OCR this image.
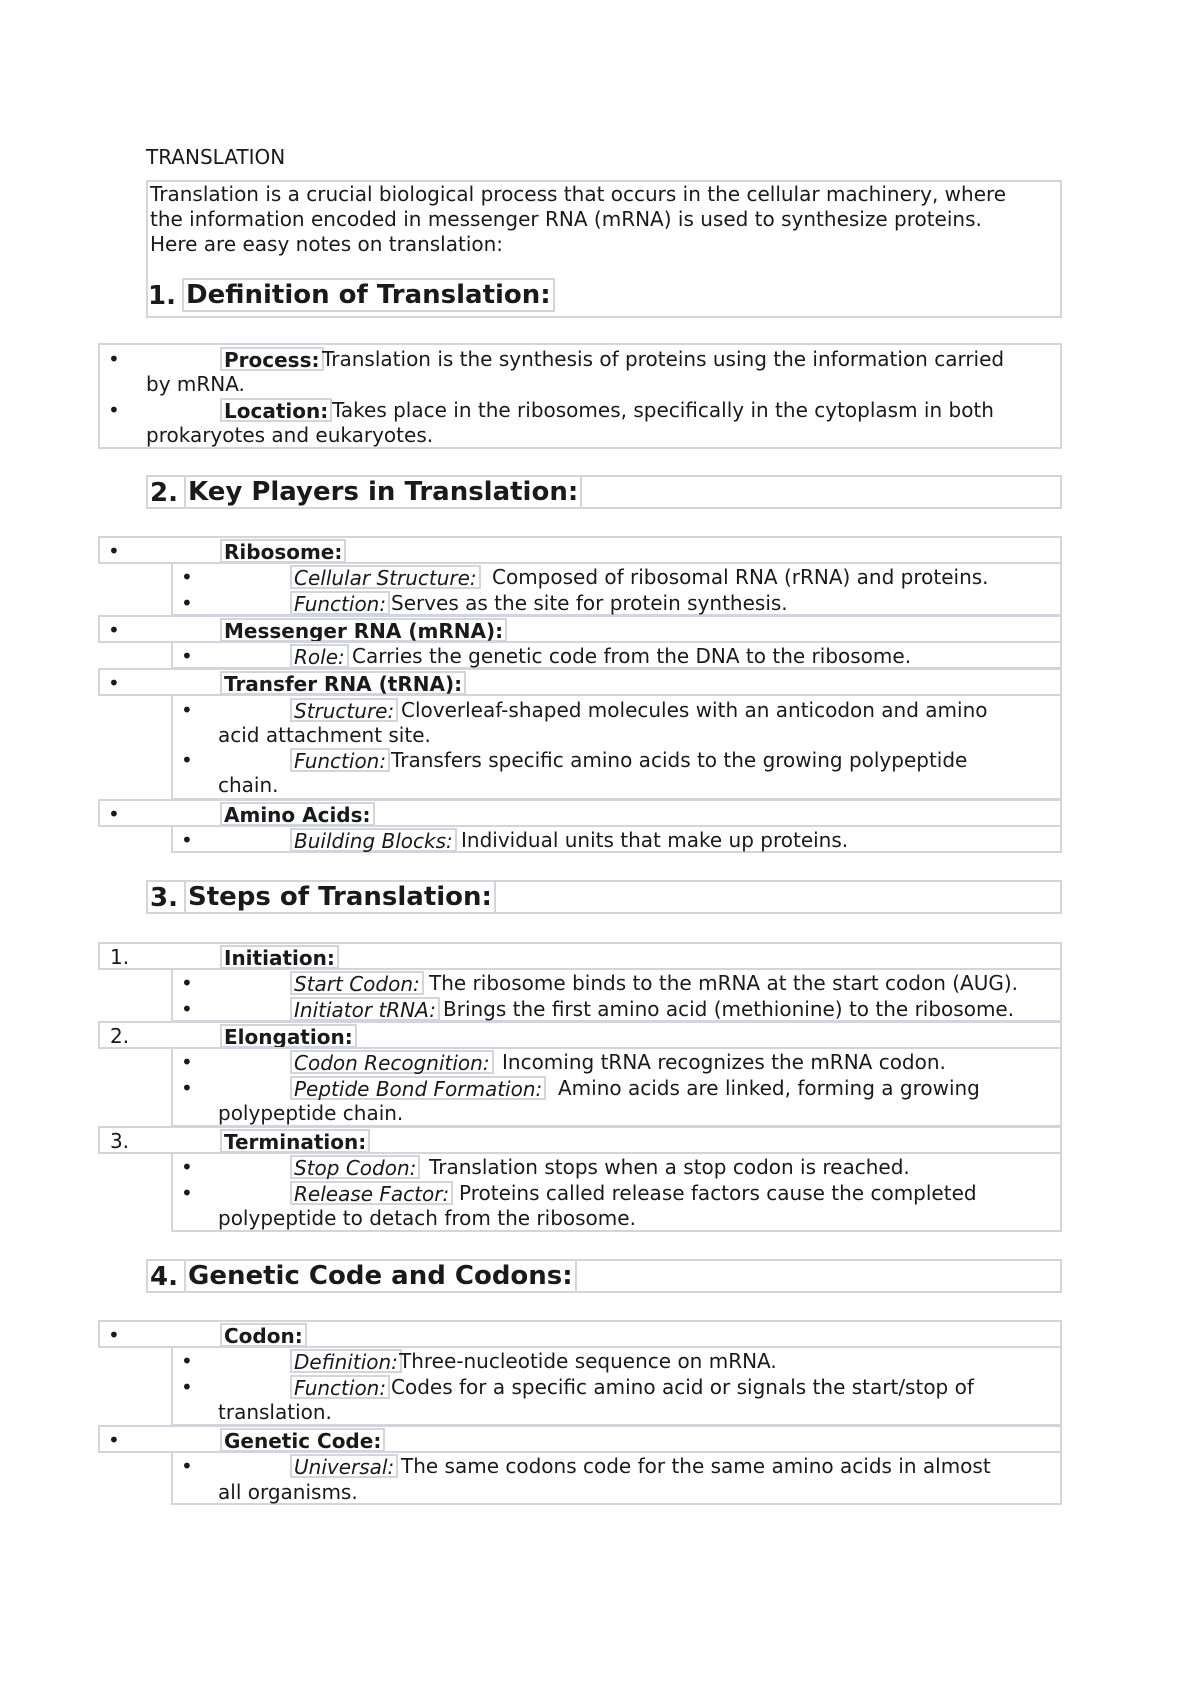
TRANSLATION
Translation is a crucial biological process that occurs in the cellular machinery, where
the information encoded in messenger RNA (mRNA) is used to synthesize proteins.
Here are easy notes on translation:
1. Definition of Translation:
•	Process: Translation is the synthesis of proteins using the information carried
by mRNA.
•	Location: Takes place in the ribosomes, specifically in the cytoplasm in both
prokaryotes and eukaryotes.
2. Key Players in Translation:
•	Ribosome:
•	Cellular Structure: Composed of ribosomal RNA (rRNA) and proteins.
•	Function: Serves as the site for protein synthesis.
•	Messenger RNA (mRNA):
•	Role: Carries the genetic code from the DNA to the ribosome.
•	Transfer RNA (tRNA):
•	Structure: Cloverleaf-shaped molecules with an anticodon and amino
acid attachment site.
•	Function: Transfers specific amino acids to the growing polypeptide
chain.
•	Amino Acids:
•	Building Blocks: Individual units that make up proteins.
3. Steps of Translation:
1.	Initiation:
•	Start Codon: The ribosome binds to the mRNA at the start codon (AUG).
•	Initiator tRNA: Brings the first amino acid (methionine) to the ribosome.
2.	Elongation:
•	Codon Recognition: Incoming tRNA recognizes the mRNA codon.
•	Peptide Bond Formation: Amino acids are linked, forming a growing
polypeptide chain.
3.	Termination:
•	Stop Codon: Translation stops when a stop codon is reached.
•	Release Factor: Proteins called release factors cause the completed
polypeptide to detach from the ribosome.
4. Genetic Code and Codons:
•	Codon:
•	Definition: Three-nucleotide sequence on mRNA.
•	Function: Codes for a specific amino acid or signals the start/stop of
translation.
•	Genetic Code:
•	Universal: The same codons code for the same amino acids in almost
all organisms.
